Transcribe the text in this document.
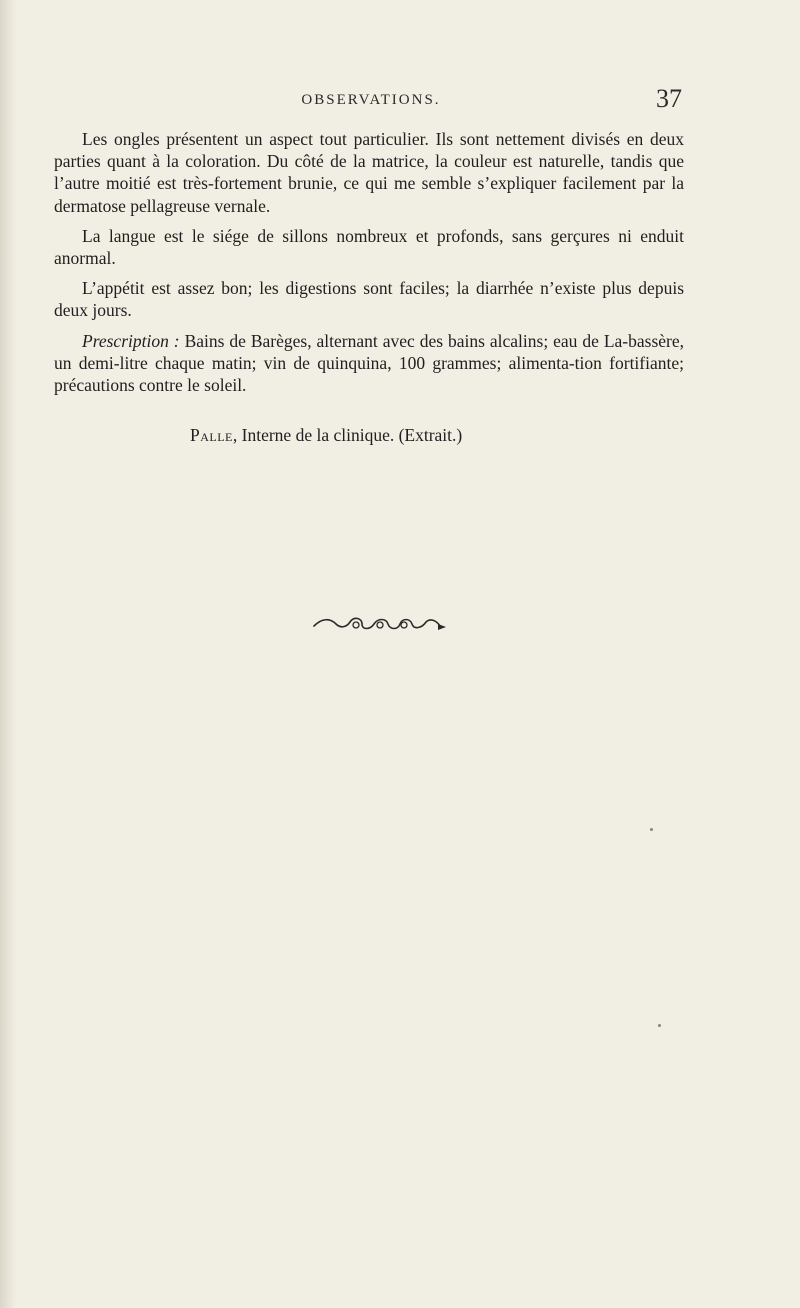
OBSERVATIONS.	37

Les ongles présentent un aspect tout particulier. Ils sont nettement divisés en deux parties quant à la coloration. Du côté de la matrice, la couleur est naturelle, tandis que l’autre moitié est très-fortement brunie, ce qui me semble s’expliquer facilement par la dermatose pellagreuse vernale.

La langue est le siége de sillons nombreux et profonds, sans gerçures ni enduit anormal.

L’appétit est assez bon; les digestions sont faciles; la diarrhée n’existe plus depuis deux jours.

Prescription : Bains de Barèges, alternant avec des bains alcalins; eau de La-bassère, un demi-litre chaque matin; vin de quinquina, 100 grammes; alimenta-tion fortifiante; précautions contre le soleil.

Palle, Interne de la clinique. (Extrait.)
